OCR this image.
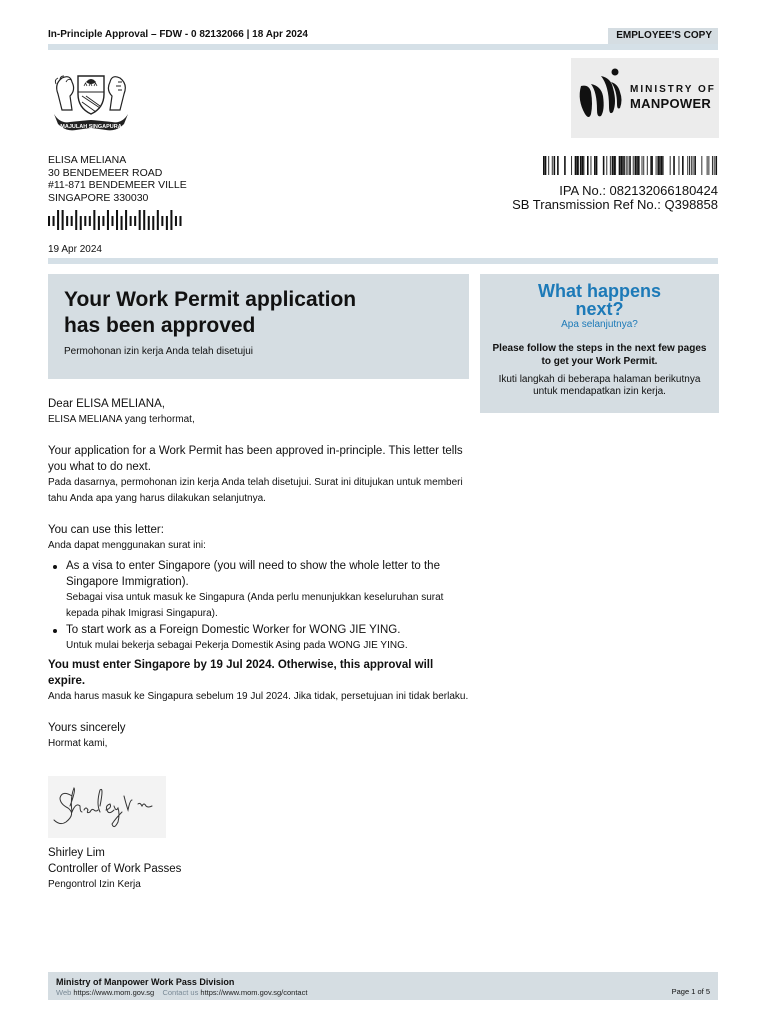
In-Principle Approval – FDW - 0 82132066 | 18 Apr 2024	EMPLOYEE'S COPY
MAJULAH SINGAPURA
MINISTRY OF
MANPOWER
ELISA MELIANA
30 BENDEMEER ROAD
#11-871 BENDEMEER VILLE
SINGAPORE 330030	IPA No.: 082132066180424
SB Transmission Ref No.: Q398858
19 Apr 2024
Your Work Permit application
has been approved
Permohonan izin kerja Anda telah disetujui
What happens
next?
Apa selanjutnya?
Please follow the steps in the next few pages to get your Work Permit.
Ikuti langkah di beberapa halaman berikutnya untuk mendapatkan izin kerja.
Dear ELISA MELIANA,
ELISA MELIANA yang terhormat,
Your application for a Work Permit has been approved in-principle. This letter tells you what to do next.
Pada dasarnya, permohonan izin kerja Anda telah disetujui. Surat ini ditujukan untuk memberi tahu Anda apa yang harus dilakukan selanjutnya.
You can use this letter:
Anda dapat menggunakan surat ini:
As a visa to enter Singapore (you will need to show the whole letter to the Singapore Immigration).
Sebagai visa untuk masuk ke Singapura (Anda perlu menunjukkan keseluruhan surat kepada pihak Imigrasi Singapura).
To start work as a Foreign Domestic Worker for WONG JIE YING.
Untuk mulai bekerja sebagai Pekerja Domestik Asing pada WONG JIE YING.
You must enter Singapore by 19 Jul 2024. Otherwise, this approval will expire.
Anda harus masuk ke Singapura sebelum 19 Jul 2024. Jika tidak, persetujuan ini tidak berlaku.
Yours sincerely
Hormat kami,
Shirley Lim
Controller of Work Passes
Pengontrol Izin Kerja
Ministry of Manpower Work Pass Division
Web https://www.mom.gov.sg Contact us https://www.mom.gov.sg/contact	Page 1 of 5
